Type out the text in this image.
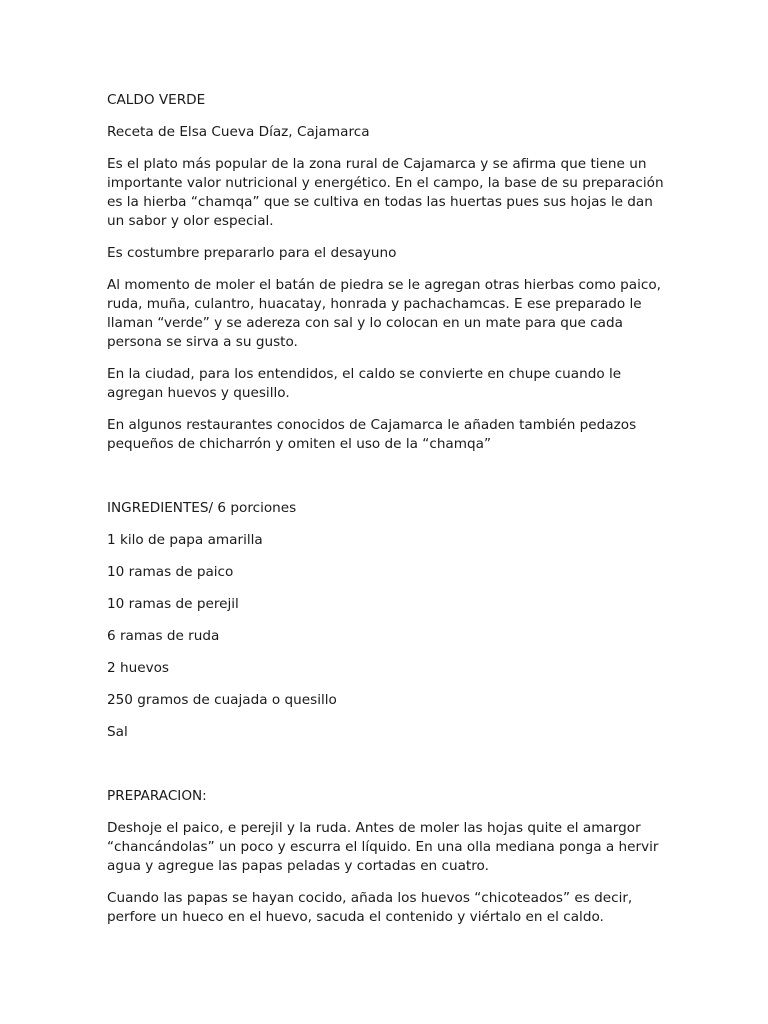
CALDO VERDE

Receta de Elsa Cueva Díaz, Cajamarca

Es el plato más popular de la zona rural de Cajamarca y se afirma que tiene un importante valor nutricional y energético. En el campo, la base de su preparación es la hierba “chamqa” que se cultiva en todas las huertas pues sus hojas le dan un sabor y olor especial.

Es costumbre prepararlo para el desayuno

Al momento de moler el batán de piedra se le agregan otras hierbas como paico, ruda, muña, culantro, huacatay, honrada y pachachamcas. E ese preparado le llaman “verde” y se adereza con sal y lo colocan en un mate para que cada persona se sirva a su gusto.

En la ciudad, para los entendidos, el caldo se convierte en chupe cuando le agregan huevos y quesillo.

En algunos restaurantes conocidos de Cajamarca le añaden también pedazos pequeños de chicharrón y omiten el uso de la “chamqa”

INGREDIENTES/ 6 porciones

1 kilo de papa amarilla

10 ramas de paico

10 ramas de perejil

6 ramas de ruda

2 huevos

250 gramos de cuajada o quesillo

Sal

PREPARACION:

Deshoje el paico, e perejil y la ruda. Antes de moler las hojas quite el amargor “chancándolas” un poco y escurra el líquido. En una olla mediana ponga a hervir agua y agregue las papas peladas y cortadas en cuatro.

Cuando las papas se hayan cocido, añada los huevos “chicoteados” es decir, perfore un hueco en el huevo, sacuda el contenido y viértalo en el caldo.
